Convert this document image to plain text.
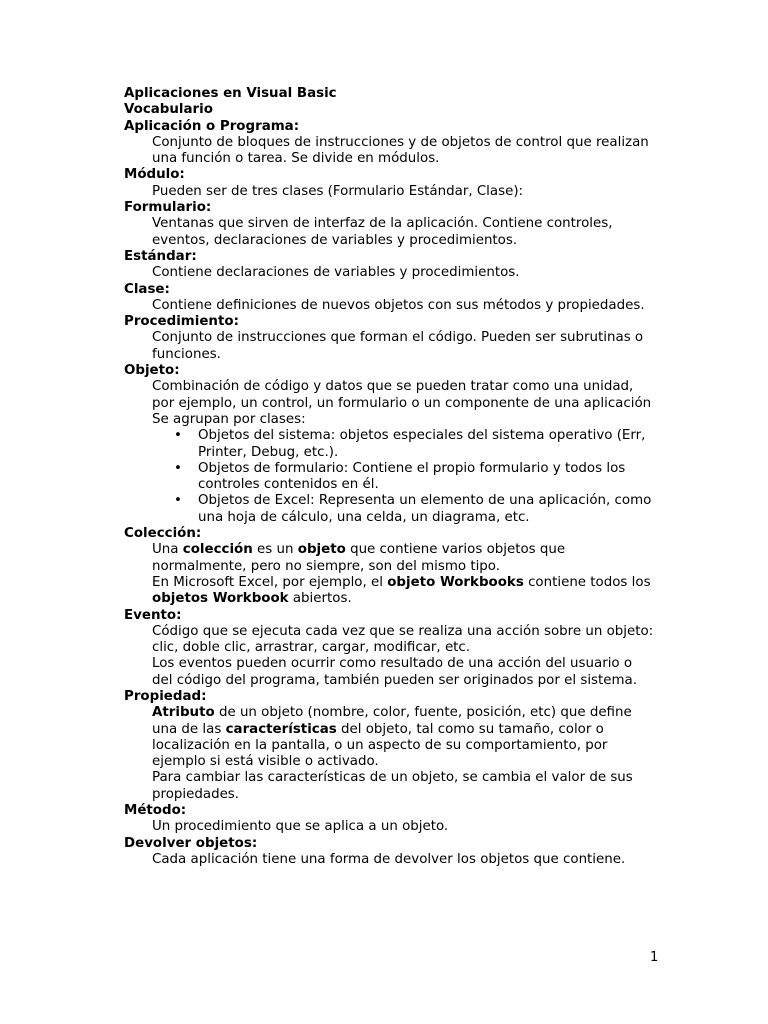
Aplicaciones en Visual Basic

Vocabulario

Aplicación o Programa:

Conjunto de bloques de instrucciones y de objetos de control que realizan una función o tarea. Se divide en módulos.

Módulo:

Pueden ser de tres clases (Formulario Estándar, Clase):

Formulario:

Ventanas que sirven de interfaz de la aplicación. Contiene controles, eventos, declaraciones de variables y procedimientos.

Estándar:

Contiene declaraciones de variables y procedimientos.

Clase:

Contiene definiciones de nuevos objetos con sus métodos y propiedades.

Procedimiento:

Conjunto de instrucciones que forman el código. Pueden ser subrutinas o funciones.

Objeto:

Combinación de código y datos que se pueden tratar como una unidad, por ejemplo, un control, un formulario o un componente de una aplicación

Se agrupan por clases:

• Objetos del sistema: objetos especiales del sistema operativo (Err, Printer, Debug, etc.).
• Objetos de formulario: Contiene el propio formulario y todos los controles contenidos en él.
• Objetos de Excel: Representa un elemento de una aplicación, como una hoja de cálculo, una celda, un diagrama, etc.

Colección:

Una colección es un objeto que contiene varios objetos que normalmente, pero no siempre, son del mismo tipo.

En Microsoft Excel, por ejemplo, el objeto Workbooks contiene todos los objetos Workbook abiertos.

Evento:

Código que se ejecuta cada vez que se realiza una acción sobre un objeto: clic, doble clic, arrastrar, cargar, modificar, etc.

Los eventos pueden ocurrir como resultado de una acción del usuario o del código del programa, también pueden ser originados por el sistema.

Propiedad:

Atributo de un objeto (nombre, color, fuente, posición, etc) que define una de las características del objeto, tal como su tamaño, color o localización en la pantalla, o un aspecto de su comportamiento, por ejemplo si está visible o activado.

Para cambiar las características de un objeto, se cambia el valor de sus propiedades.

Método:

Un procedimiento que se aplica a un objeto.

Devolver objetos:

Cada aplicación tiene una forma de devolver los objetos que contiene.

1
